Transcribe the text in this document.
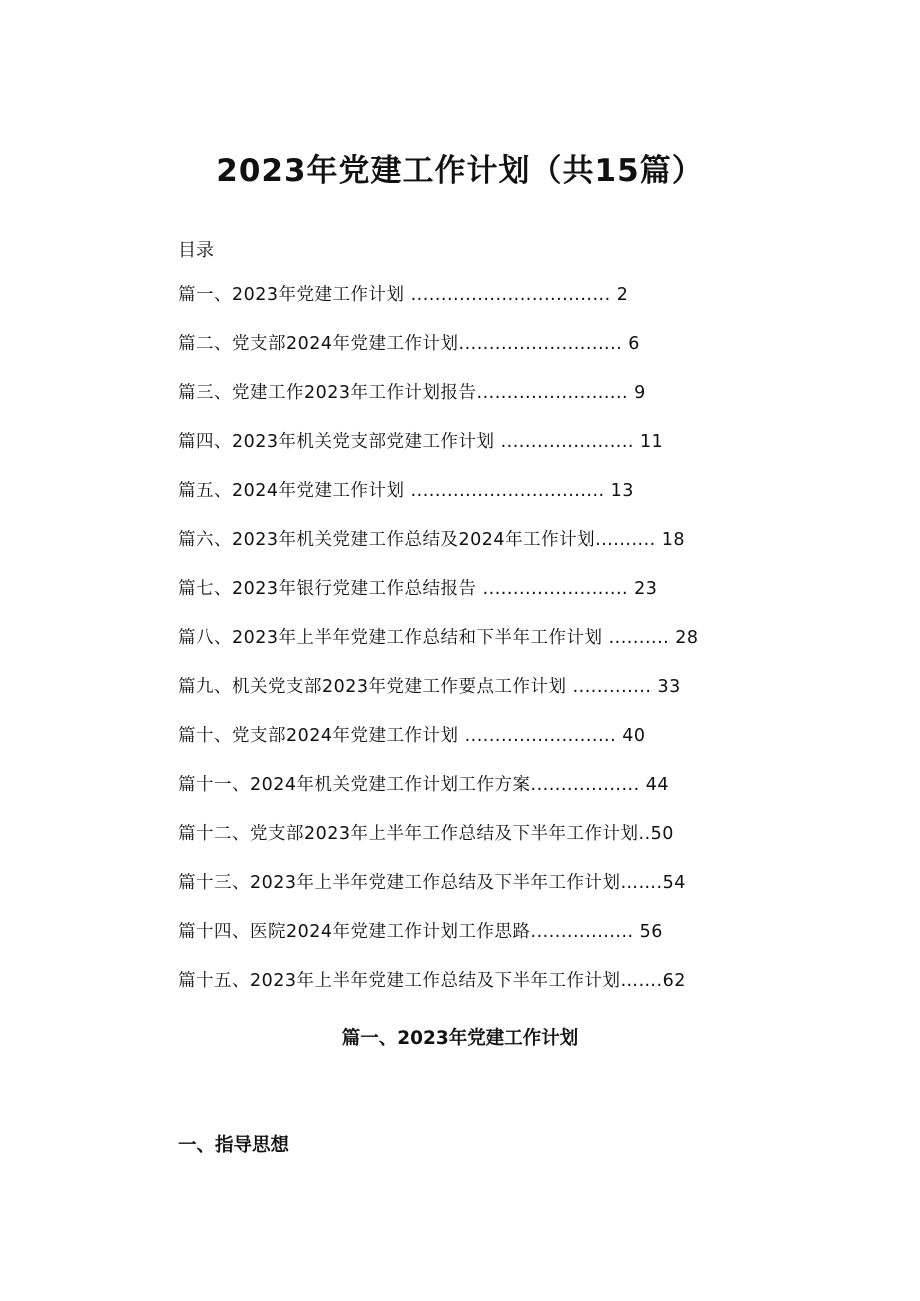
2023年党建工作计划（共15篇）
目录
篇一、2023年党建工作计划 ................................. 2
篇二、党支部2024年党建工作计划........................... 6
篇三、党建工作2023年工作计划报告......................... 9
篇四、2023年机关党支部党建工作计划 ...................... 11
篇五、2024年党建工作计划 ................................ 13
篇六、2023年机关党建工作总结及2024年工作计划.......... 18
篇七、2023年银行党建工作总结报告 ........................ 23
篇八、2023年上半年党建工作总结和下半年工作计划 .......... 28
篇九、机关党支部2023年党建工作要点工作计划 ............. 33
篇十、党支部2024年党建工作计划 ......................... 40
篇十一、2024年机关党建工作计划工作方案.................. 44
篇十二、党支部2023年上半年工作总结及下半年工作计划..50
篇十三、2023年上半年党建工作总结及下半年工作计划…….54
篇十四、医院2024年党建工作计划工作思路................. 56
篇十五、2023年上半年党建工作总结及下半年工作计划…….62
篇一、2023年党建工作计划
一、指导思想
